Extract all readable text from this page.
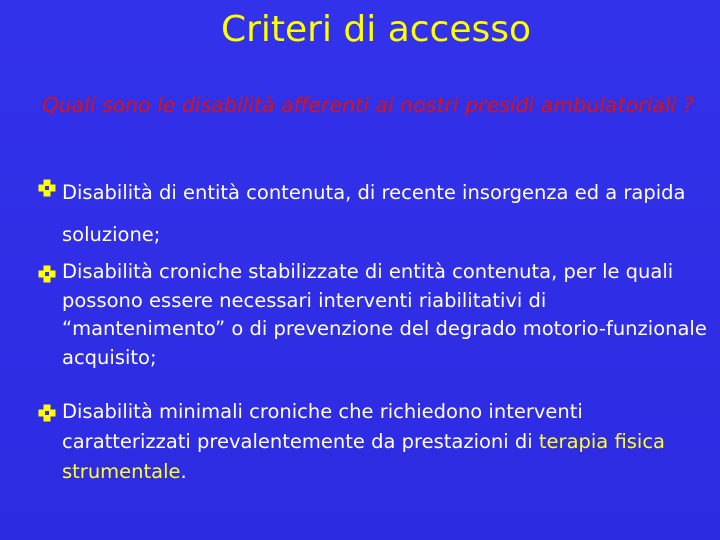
Criteri di accesso
Quali sono le disabilità afferenti ai nostri presidi ambulatoriali ?
Disabilità di entità contenuta, di recente insorgenza ed a rapida soluzione;
Disabilità croniche stabilizzate di entità contenuta, per le quali possono essere necessari interventi riabilitativi di “mantenimento” o di prevenzione del degrado motorio-funzionale acquisito;
Disabilità minimali croniche che richiedono interventi caratterizzati prevalentemente da prestazioni di terapia fisica strumentale.
